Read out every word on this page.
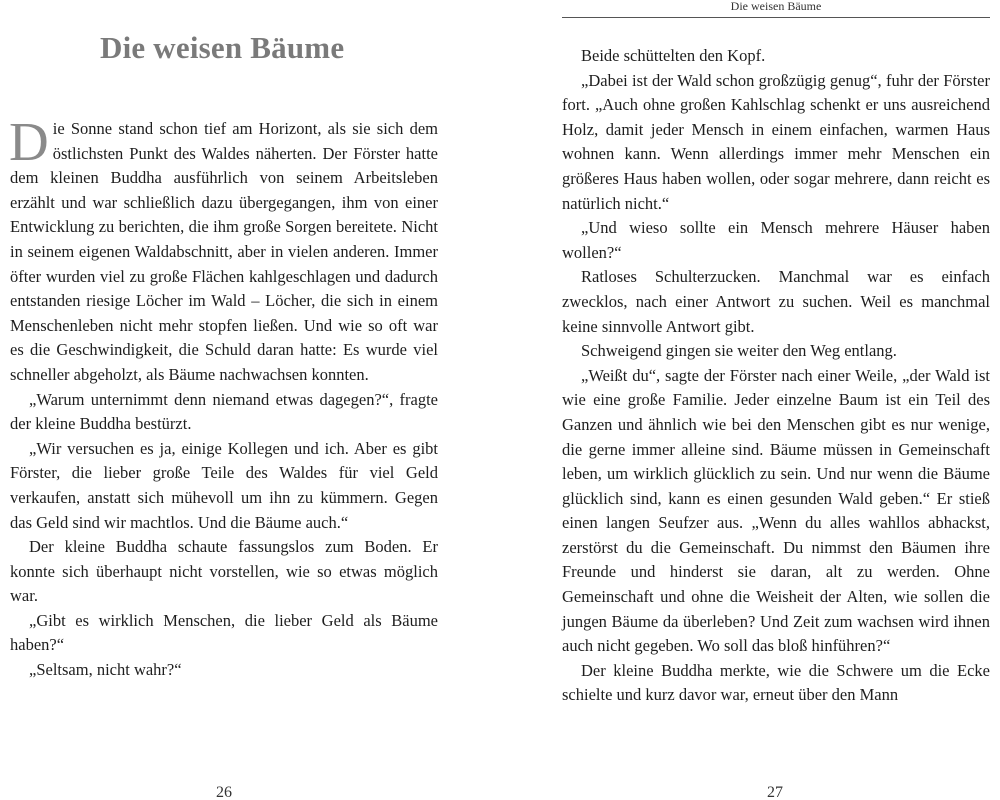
Die weisen Bäume

Die Sonne stand schon tief am Horizont, als sie sich dem östlichsten Punkt des Waldes näherten. Der Förster hatte dem kleinen Buddha ausführlich von seinem Arbeitsleben erzählt und war schließlich dazu übergegangen, ihm von einer Entwicklung zu berichten, die ihm große Sorgen bereitete. Nicht in seinem eigenen Waldabschnitt, aber in vielen anderen. Immer öfter wurden viel zu große Flächen kahlgeschlagen und dadurch entstanden riesige Löcher im Wald – Löcher, die sich in einem Menschenleben nicht mehr stopfen ließen. Und wie so oft war es die Geschwindigkeit, die Schuld daran hatte: Es wurde viel schneller abgeholzt, als Bäume nachwachsen konnten.

„Warum unternimmt denn niemand etwas dagegen?“, fragte der kleine Buddha bestürzt.

„Wir versuchen es ja, einige Kollegen und ich. Aber es gibt Förster, die lieber große Teile des Waldes für viel Geld verkaufen, anstatt sich mühevoll um ihn zu kümmern. Gegen das Geld sind wir machtlos. Und die Bäume auch.“

Der kleine Buddha schaute fassungslos zum Boden. Er konnte sich überhaupt nicht vorstellen, wie so etwas möglich war.

„Gibt es wirklich Menschen, die lieber Geld als Bäume haben?“

„Seltsam, nicht wahr?“

26
Die weisen Bäume

Beide schüttelten den Kopf.

„Dabei ist der Wald schon großzügig genug“, fuhr der Förster fort. „Auch ohne großen Kahlschlag schenkt er uns ausreichend Holz, damit jeder Mensch in einem einfachen, warmen Haus wohnen kann. Wenn allerdings immer mehr Menschen ein größeres Haus haben wollen, oder sogar mehrere, dann reicht es natürlich nicht.“

„Und wieso sollte ein Mensch mehrere Häuser haben wollen?“

Ratloses Schulterzucken. Manchmal war es einfach zwecklos, nach einer Antwort zu suchen. Weil es manchmal keine sinnvolle Antwort gibt.

Schweigend gingen sie weiter den Weg entlang.

„Weißt du“, sagte der Förster nach einer Weile, „der Wald ist wie eine große Familie. Jeder einzelne Baum ist ein Teil des Ganzen und ähnlich wie bei den Menschen gibt es nur wenige, die gerne immer alleine sind. Bäume müssen in Gemeinschaft leben, um wirklich glücklich zu sein. Und nur wenn die Bäume glücklich sind, kann es einen gesunden Wald geben.“ Er stieß einen langen Seufzer aus. „Wenn du alles wahllos abhackst, zerstörst du die Gemeinschaft. Du nimmst den Bäumen ihre Freunde und hinderst sie daran, alt zu werden. Ohne Gemeinschaft und ohne die Weisheit der Alten, wie sollen die jungen Bäume da überleben? Und Zeit zum wachsen wird ihnen auch nicht gegeben. Wo soll das bloß hinführen?“

Der kleine Buddha merkte, wie die Schwere um die Ecke schielte und kurz davor war, erneut über den Mann

27
